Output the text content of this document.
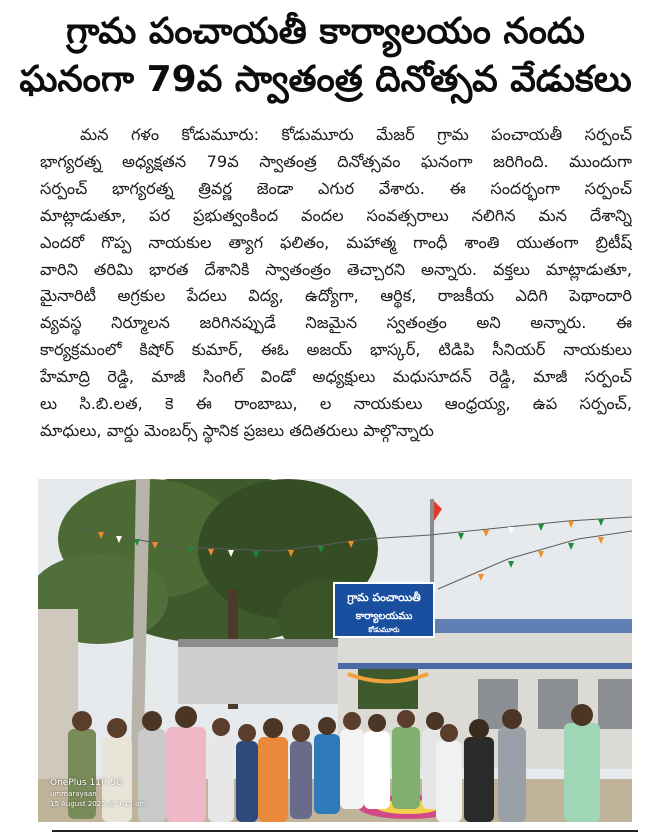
గ్రామ పంచాయతీ కార్యాలయం నందు
ఘనంగా 79వ స్వాతంత్ర దినోత్సవ వేడుకలు
మన గళం కోడుమూరు: కోడుమూరు మేజర్ గ్రామ పంచాయతీ సర్పంచ్
భాగ్యరత్న అధ్యక్షతన 79వ స్వాతంత్ర దినోత్సవం ఘనంగా జరిగింది. ముందుగా
సర్పంచ్ భాగ్యరత్న త్రివర్ణ జెండా ఎగుర వేశారు. ఈ సందర్భంగా సర్పంచ్
మాట్లాడుతూ, పర ప్రభుత్వంకింద వందల సంవత్సరాలు నలిగిన మన దేశాన్ని
ఎందరో గొప్ప నాయకుల త్యాగ ఫలితం, మహాత్మ గాంధీ శాంతి యుతంగా బ్రిటీష్
వారిని తరిమి భారత దేశానికి స్వాతంత్రం తెచ్చారని అన్నారు. వక్తలు మాట్లాడుతూ,
మైనారిటీ అగ్రకుల పేదలు విద్య, ఉద్యోగా, ఆర్థిక, రాజకీయ ఎదిగి పెథాందారి
వ్యవస్థ నిర్మూలన జరిగినప్పుడే నిజమైన స్వతంత్రం అని అన్నారు. ఈ
కార్యక్రమంలో కిషోర్ కుమార్, ఈఓ అజయ్ భాస్కర్, టిడిపి సీనియర్ నాయకులు
హేమాద్రి రెడ్డి, మాజీ సింగిల్ విండో అధ్యక్షులు మధుసూదన్ రెడ్డి, మాజీ సర్పంచ్
లు సి.బి.లత, కె ఈ రాంబాబు, ల నాయకులు ఆంధ్రయ్య, ఉప సర్పంచ్,
మాధులు, వార్డు మెంబర్స్ స్థానిక ప్రజలు తదితరులు పాల్గొన్నారు
గ్రామ పంచాయితీ
కార్యాలయము
కోడుమూరు
OnePlus 11R 5G
ummarayaan
15 August 2025 at 9:15 am
